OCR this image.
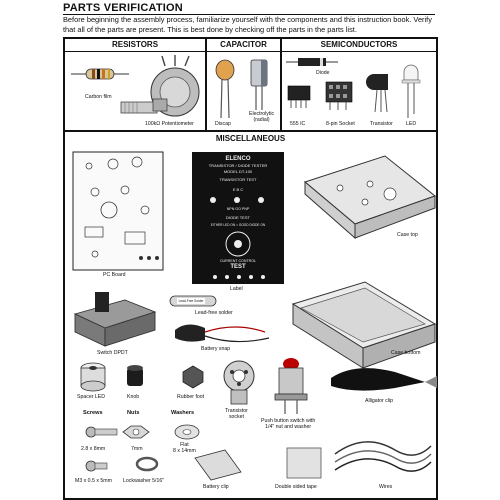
PARTS VERIFICATION
Before beginning the assembly process, familiarize yourself with the components and this instruction book. Verify that all of the parts are present. This is best done by checking off the parts in the parts list.
RESISTORS
Carbon film
100kΩ Potentiometer
CAPACITOR
Discap
Electrolytic
(radial)
SEMICONDUCTORS
Diode
555 IC	8-pin Socket	Transistor	LED
MISCELLANEOUS
ELENCO
TRANSISTOR / DIODE TESTER
MODEL DT-100
TRANSISTOR TEST
E B C
NPN GO PNP
DIODE TEST
EITHER LED ON = GOOD DIODE ON
CURRENT CONTROL
TEST
Lead-Free Solder
PC Board
Label
Case top
Lead-free solder
Case bottom
Switch DPDT
Battery snap
Spacer LED	Knob	Rubber foot
Transistor
socket
Push button switch with
1/4" nut and washer
Alligator clip
Screws	Nuts	Washers
2.8 x 8mm
M3 x 0.5 x 5mm
7mm
Flat
8 x 14mm
Lockwasher 5/16"
Battery clip	Double sided tape	Wires
